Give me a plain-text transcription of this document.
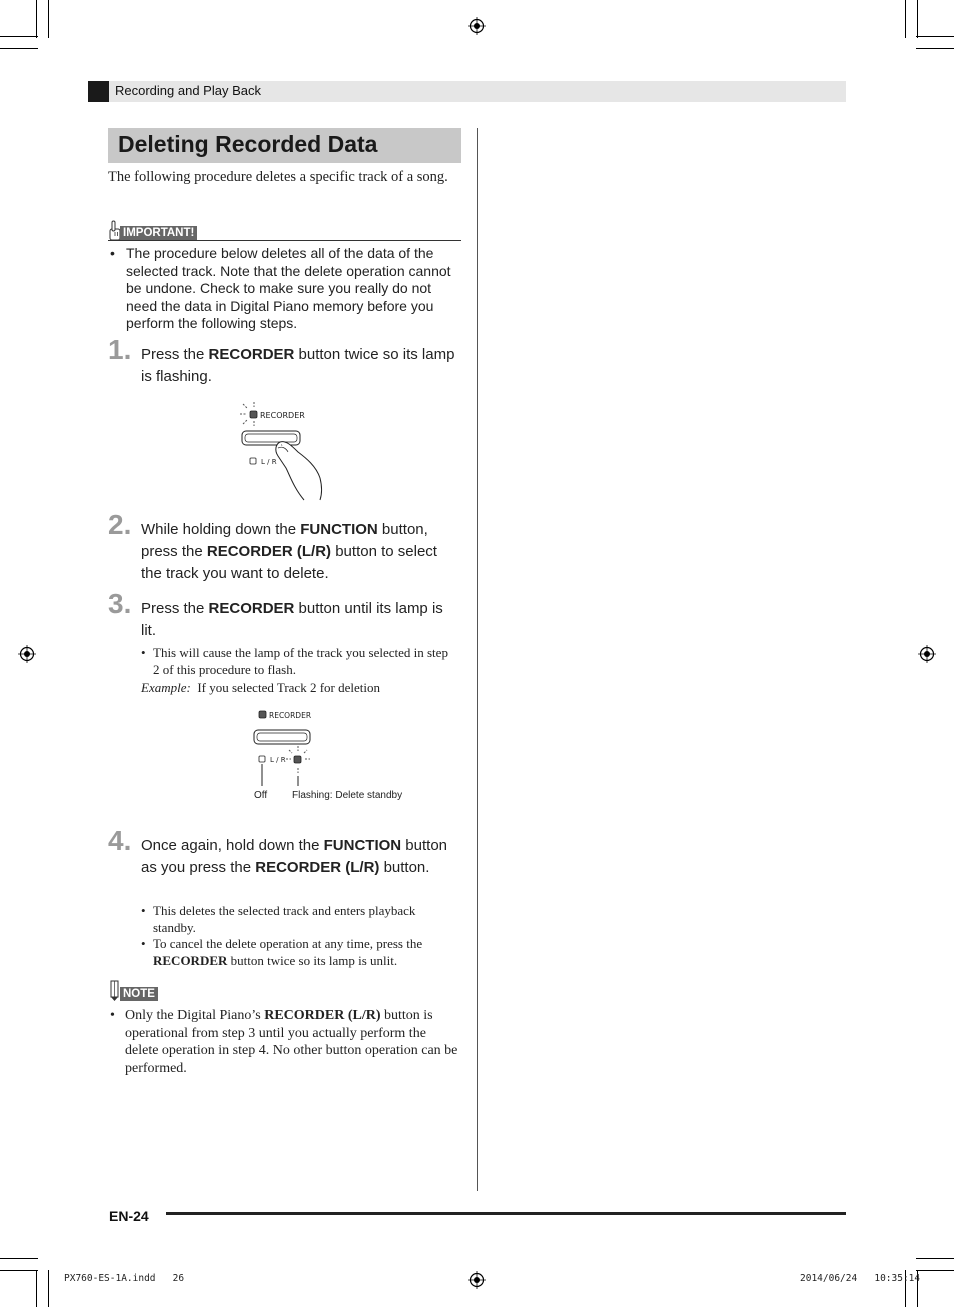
Recording and Play Back
Deleting Recorded Data
The following procedure deletes a specific track of a song.
IMPORTANT!
• The procedure below deletes all of the data of the selected track. Note that the delete operation cannot be undone. Check to make sure you really do not need the data in Digital Piano memory before you perform the following steps.
1. Press the RECORDER button twice so its lamp is flashing.
RECORDER
L / R
2. While holding down the FUNCTION button, press the RECORDER (L/R) button to select the track you want to delete.
3. Press the RECORDER button until its lamp is lit.
• This will cause the lamp of the track you selected in step 2 of this procedure to flash.
Example: If you selected Track 2 for deletion
RECORDER
L / R
Off Flashing: Delete standby
4. Once again, hold down the FUNCTION button as you press the RECORDER (L/R) button.
• This deletes the selected track and enters playback standby.
• To cancel the delete operation at any time, press the RECORDER button twice so its lamp is unlit.
NOTE
• Only the Digital Piano’s RECORDER (L/R) button is operational from step 3 until you actually perform the delete operation in step 4. No other button operation can be performed.
EN-24
PX760-ES-1A.indd   26	2014/06/24   10:35:14
